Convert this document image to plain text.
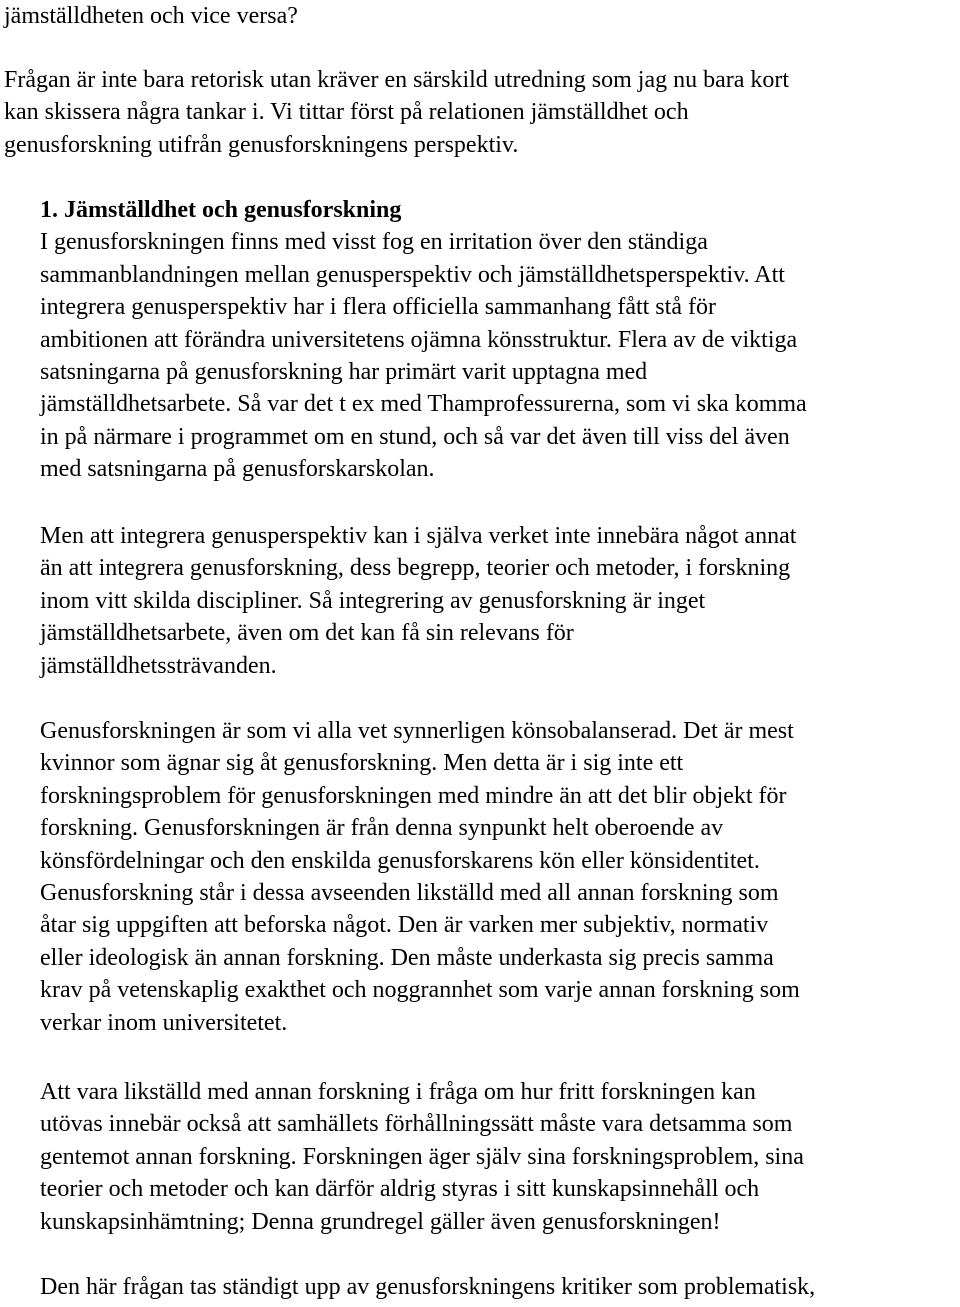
jämställdheten och vice versa?

Frågan är inte bara retorisk utan kräver en särskild utredning som jag nu bara kort
kan skissera några tankar i. Vi tittar först på relationen jämställdhet och
genusforskning utifrån genusforskningens perspektiv.

1. Jämställdhet och genusforskning
I genusforskningen finns med visst fog en irritation över den ständiga
sammanblandningen mellan genusperspektiv och jämställdhetsperspektiv. Att
integrera genusperspektiv har i flera officiella sammanhang fått stå för
ambitionen att förändra universitetens ojämna könsstruktur. Flera av de viktiga
satsningarna på genusforskning har primärt varit upptagna med
jämställdhetsarbete. Så var det t ex med Thamprofessurerna, som vi ska komma
in på närmare i programmet om en stund, och så var det även till viss del även
med satsningarna på genusforskarskolan.

Men att integrera genusperspektiv kan i själva verket inte innebära något annat
än att integrera genusforskning, dess begrepp, teorier och metoder, i forskning
inom vitt skilda discipliner. Så integrering av genusforskning är inget
jämställdhetsarbete, även om det kan få sin relevans för
jämställdhetssträvanden.

Genusforskningen är som vi alla vet synnerligen könsobalanserad. Det är mest
kvinnor som ägnar sig åt genusforskning. Men detta är i sig inte ett
forskningsproblem för genusforskningen med mindre än att det blir objekt för
forskning. Genusforskningen är från denna synpunkt helt oberoende av
könsfördelningar och den enskilda genusforskarens kön eller könsidentitet.
Genusforskning står i dessa avseenden likställd med all annan forskning som
åtar sig uppgiften att beforska något. Den är varken mer subjektiv, normativ
eller ideologisk än annan forskning. Den måste underkasta sig precis samma
krav på vetenskaplig exakthet och noggrannhet som varje annan forskning som
verkar inom universitetet.

Att vara likställd med annan forskning i fråga om hur fritt forskningen kan
utövas innebär också att samhällets förhållningssätt måste vara detsamma som
gentemot annan forskning. Forskningen äger själv sina forskningsproblem, sina
teorier och metoder och kan därför aldrig styras i sitt kunskapsinnehåll och
kunskapsinhämtning; Denna grundregel gäller även genusforskningen!

Den här frågan tas ständigt upp av genusforskningens kritiker som problematisk,
